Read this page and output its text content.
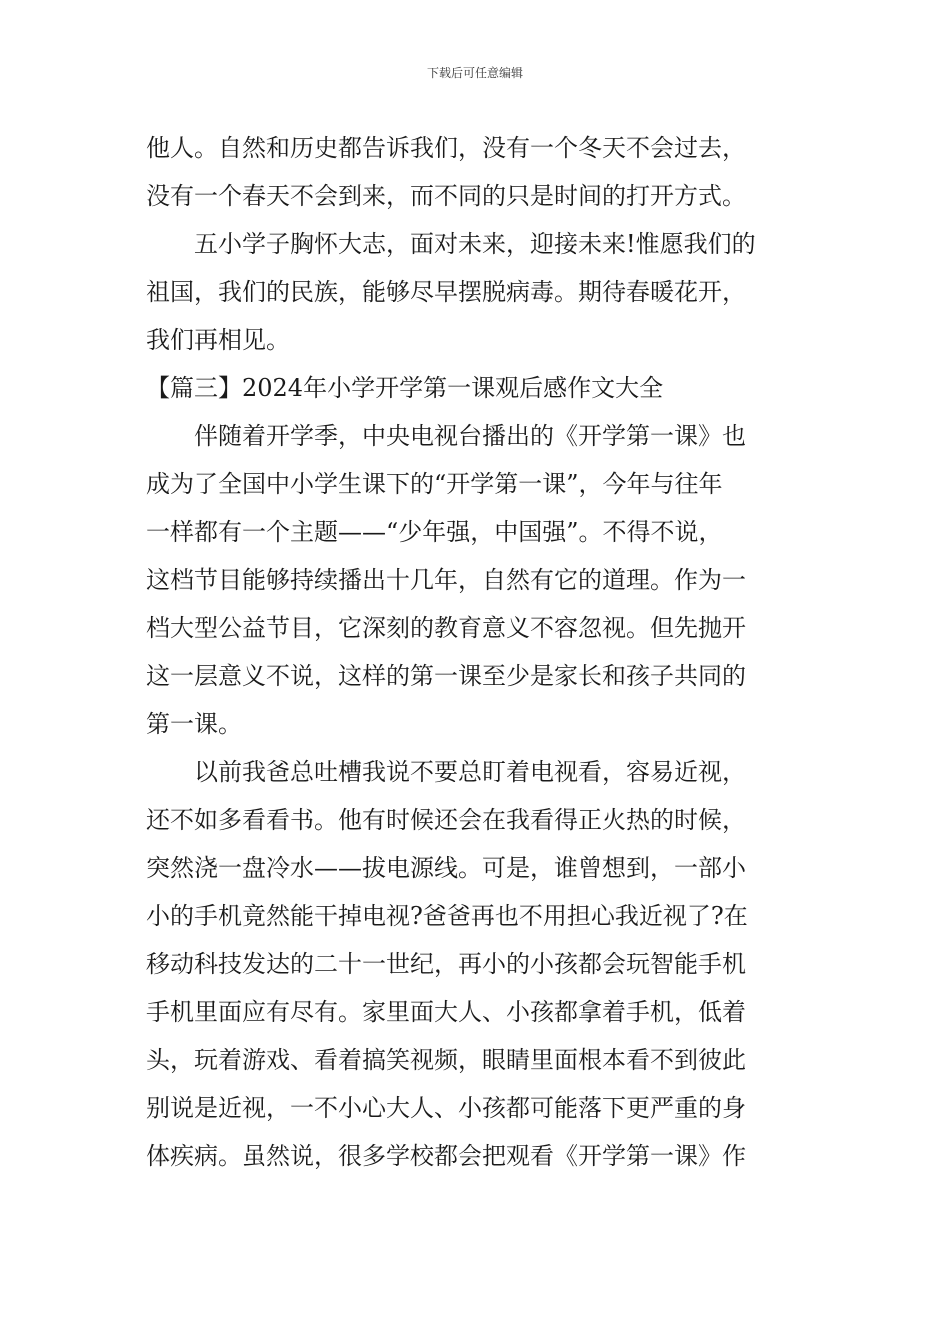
下载后可任意编辑
他人。自然和历史都告诉我们，没有一个冬天不会过去，
没有一个春天不会到来，而不同的只是时间的打开方式。
　　五小学子胸怀大志，面对未来，迎接未来!惟愿我们的
祖国，我们的民族，能够尽早摆脱病毒。期待春暖花开，
我们再相见。
【篇三】2024年小学开学第一课观后感作文大全
　　伴随着开学季，中央电视台播出的《开学第一课》也
成为了全国中小学生课下的“开学第一课”，今年与往年
一样都有一个主题——“少年强，中国强”。不得不说，
这档节目能够持续播出十几年，自然有它的道理。作为一
档大型公益节目，它深刻的教育意义不容忽视。但先抛开
这一层意义不说，这样的第一课至少是家长和孩子共同的
第一课。
　　以前我爸总吐槽我说不要总盯着电视看，容易近视，
还不如多看看书。他有时候还会在我看得正火热的时候，
突然浇一盘冷水——拔电源线。可是，谁曾想到，一部小
小的手机竟然能干掉电视?爸爸再也不用担心我近视了?在
移动科技发达的二十一世纪，再小的小孩都会玩智能手机
手机里面应有尽有。家里面大人、小孩都拿着手机，低着
头，玩着游戏、看着搞笑视频，眼睛里面根本看不到彼此
别说是近视，一不小心大人、小孩都可能落下更严重的身
体疾病。虽然说，很多学校都会把观看《开学第一课》作
